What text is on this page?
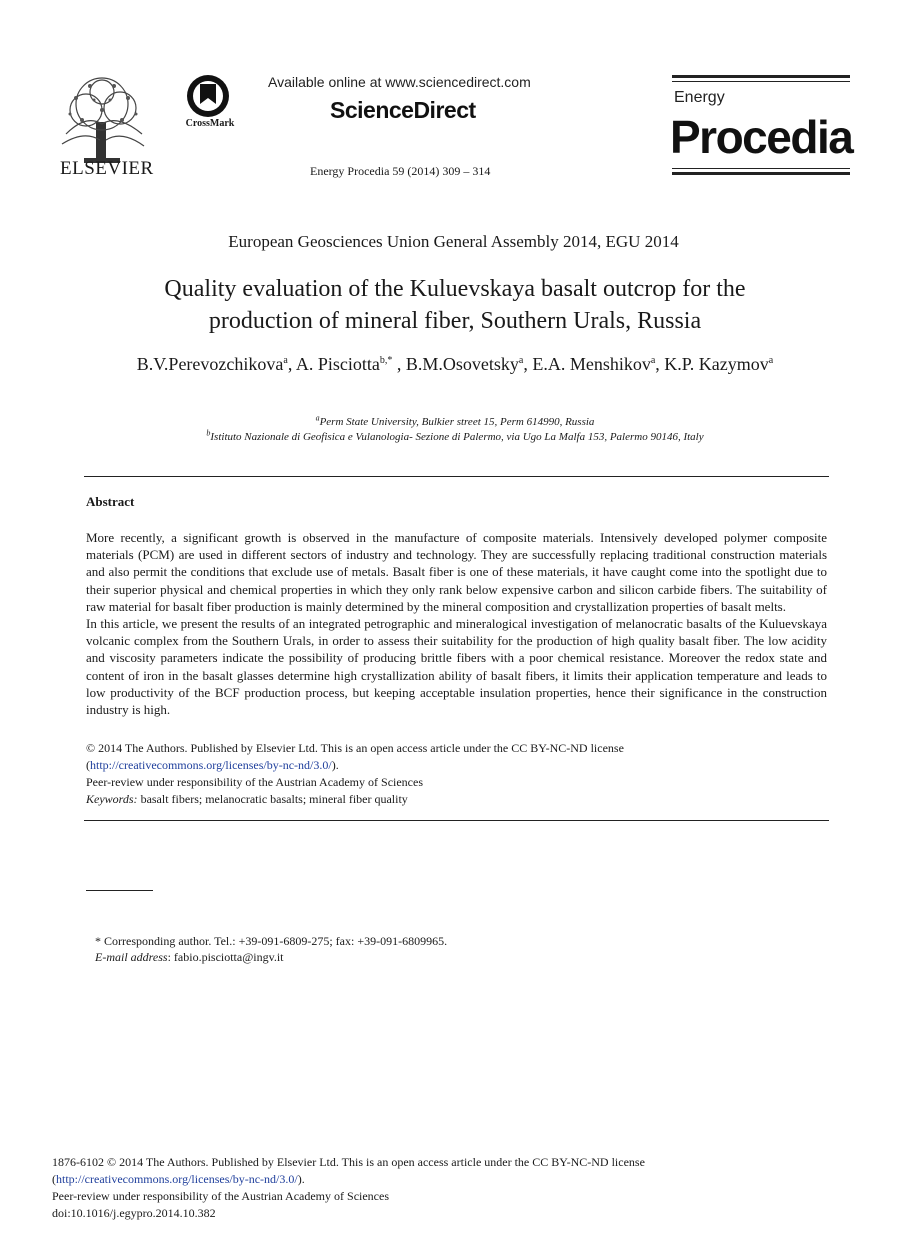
ELSEVIER
CrossMark
Available online at www.sciencedirect.com
ScienceDirect
Energy Procedia 59 (2014) 309 – 314
Energy
Procedia
European Geosciences Union General Assembly 2014, EGU 2014
Quality evaluation of the Kuluevskaya basalt outcrop for the
production of mineral fiber, Southern Urals, Russia
B.V.Perevozchikova$^a$, A. Pisciotta$^{b,*}$ , B.M.Osovetsky$^a$, E.A. Menshikov$^a$, K.P. Kazymov$^a$
$^a$Perm State University, Bulkier street 15, Perm 614990, Russia
$^b$Istituto Nazionale di Geofisica e Vulanologia- Sezione di Palermo, via Ugo La Malfa 153, Palermo 90146, Italy
Abstract

More recently, a significant growth is observed in the manufacture of composite materials. Intensively developed polymer composite materials (PCM) are used in different sectors of industry and technology. They are successfully replacing traditional construction materials and also permit the conditions that exclude use of metals. Basalt fiber is one of these materials, it have caught come into the spotlight due to their superior physical and chemical properties in which they only rank below expensive carbon and silicon carbide fibers. The suitability of raw material for basalt fiber production is mainly determined by the mineral composition and crystallization properties of basalt melts.

In this article, we present the results of an integrated petrographic and mineralogical investigation of melanocratic basalts of the Kuluevskaya volcanic complex from the Southern Urals, in order to assess their suitability for the production of high quality basalt fiber. The low acidity and viscosity parameters indicate the possibility of producing brittle fibers with a poor chemical resistance. Moreover the redox state and content of iron in the basalt glasses determine high crystallization ability of basalt fibers, it limits their application temperature and leads to low productivity of the BCF production process, but keeping acceptable insulation properties, hence their significance in the construction industry is high.

© 2014 The Authors. Published by Elsevier Ltd. This is an open access article under the CC BY-NC-ND license
(http://creativecommons.org/licenses/by-nc-nd/3.0/).
Peer-review under responsibility of the Austrian Academy of Sciences
Keywords: basalt fibers; melanocratic basalts; mineral fiber quality
* Corresponding author. Tel.: +39-091-6809-275; fax: +39-091-6809965.
E-mail address: fabio.pisciotta@ingv.it
1876-6102 © 2014 The Authors. Published by Elsevier Ltd. This is an open access article under the CC BY-NC-ND license
(http://creativecommons.org/licenses/by-nc-nd/3.0/).
Peer-review under responsibility of the Austrian Academy of Sciences
doi:10.1016/j.egypro.2014.10.382
